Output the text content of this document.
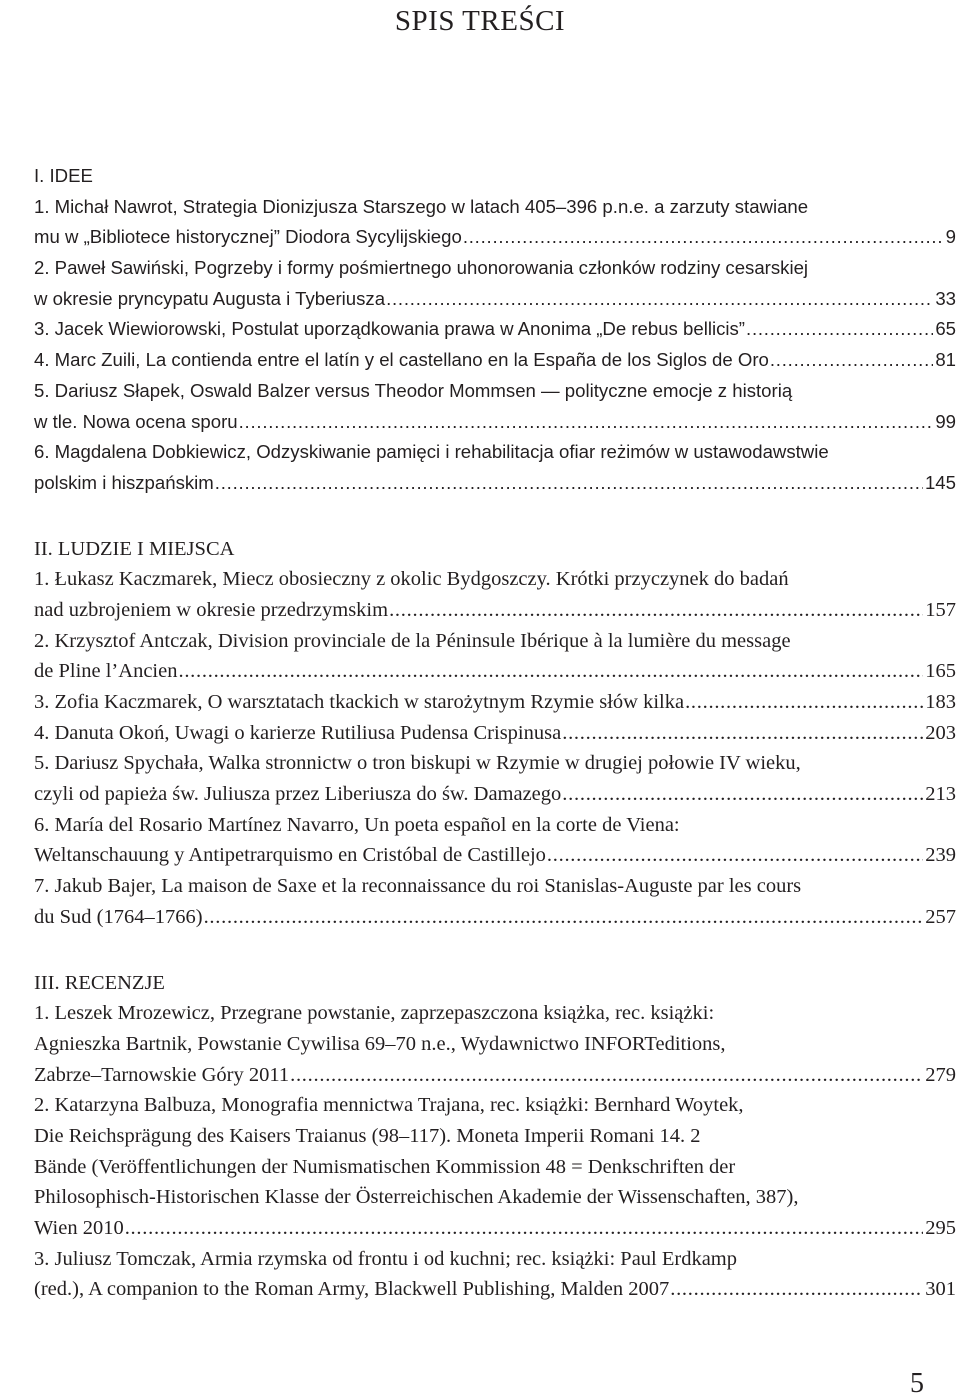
SPIS TREŚCI
I. IDEE
1. Michał Nawrot, Strategia Dionizjusza Starszego w latach 405–396 p.n.e. a zarzuty stawiane
mu w „Bibliotece historycznej” Diodora Sycylijskiego . . .	9
2. Paweł Sawiński, Pogrzeby i formy pośmiertnego uhonorowania członków rodziny cesarskiej
w okresie pryncypatu Augusta i Tyberiusza . . .	33
3. Jacek Wiewiorowski, Postulat uporządkowania prawa w Anonima „De rebus bellicis” . . .	65
4. Marc Zuili, La contienda entre el latín y el castellano en la España de los Siglos de Oro . . .	81
5. Dariusz Słapek, Oswald Balzer versus Theodor Mommsen — polityczne emocje z historią
w tle. Nowa ocena sporu . . .	99
6. Magdalena Dobkiewicz, Odzyskiwanie pamięci i rehabilitacja ofiar reżimów w ustawodawstwie
polskim i hiszpańskim . . .	145
II. LUDZIE I MIEJSCA
1. Łukasz Kaczmarek, Miecz obosieczny z okolic Bydgoszczy. Krótki przyczynek do badań
nad uzbrojeniem w okresie przedrzymskim . . .	157
2. Krzysztof Antczak, Division provinciale de la Péninsule Ibérique à la lumière du message
de Pline l’Ancien . . .	165
3. Zofia Kaczmarek, O warsztatach tkackich w starożytnym Rzymie słów kilka . . .	183
4. Danuta Okoń, Uwagi o karierze Rutiliusa Pudensa Crispinusa . . .	203
5. Dariusz Spychała, Walka stronnictw o tron biskupi w Rzymie w drugiej połowie IV wieku,
czyli od papieża św. Juliusza przez Liberiusza do św. Damazego . . .	213
6. María del Rosario Martínez Navarro, Un poeta español en la corte de Viena:
Weltanschauung y Antipetrarquismo en Cristóbal de Castillejo . . .	239
7. Jakub Bajer, La maison de Saxe et la reconnaissance du roi Stanislas-Auguste par les cours
du Sud (1764–1766) . . .	257
III. RECENZJE
1. Leszek Mrozewicz, Przegrane powstanie, zaprzepaszczona książka, rec. książki:
Agnieszka Bartnik, Powstanie Cywilisa 69–70 n.e., Wydawnictwo INFORTeditions,
Zabrze–Tarnowskie Góry 2011 . . .	279
2. Katarzyna Balbuza, Monografia mennictwa Trajana, rec. książki: Bernhard Woytek,
Die Reichsprägung des Kaisers Traianus (98–117). Moneta Imperii Romani 14. 2
Bände (Veröffentlichungen der Numismatischen Kommission 48 = Denkschriften der
Philosophisch-Historischen Klasse der Österreichischen Akademie der Wissenschaften, 387),
Wien 2010 . . .	295
3. Juliusz Tomczak, Armia rzymska od frontu i od kuchni; rec. książki: Paul Erdkamp
(red.), A companion to the Roman Army, Blackwell Publishing, Malden 2007 . . .	301
5
